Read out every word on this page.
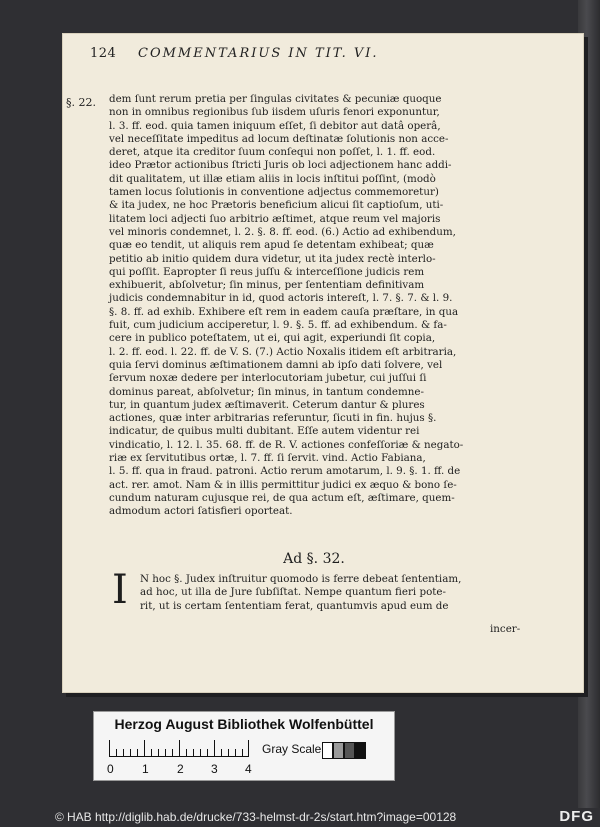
124 COMMENTARIUS IN TIT. VI.
§. 22. dem ſunt rerum pretia per ſingulas civitates & pecuniæ quoque

non in omnibus regionibus ſub iisdem uſuris fenori exponuntur,

l. 3. ff. eod. quia tamen iniquum eſſet, ſi debitor aut datâ operâ,

vel neceſſitate impeditus ad locum deſtinatæ ſolutionis non acce-

deret, atque ita creditor ſuum conſequi non poſſet, l. 1. ff. eod.

ideo Prætor actionibus ſtricti Juris ob loci adjectionem hanc addi-

dit qualitatem, ut illæ etiam aliis in locis inſtitui poſſint, (modò

tamen locus ſolutionis in conventione adjectus commemoretur)

& ita judex, ne hoc Prætoris beneficium alicui ſit captioſum, uti-

litatem loci adjecti ſuo arbitrio æſtimet, atque reum vel majoris

vel minoris condemnet, l. 2. §. 8. ff. eod. (6.) Actio ad exhibendum,

quæ eo tendit, ut aliquis rem apud ſe detentam exhibeat; quæ

petitio ab initio quidem dura videtur, ut ita judex rectè interlo-

qui poſſit. Eapropter ſi reus juſſu & interceſſione judicis rem

exhibuerit, abſolvetur; ſin minus, per ſententiam definitivam

judicis condemnabitur in id, quod actoris intereſt, l. 7. §. 7. & l. 9.

§. 8. ff. ad exhib. Exhibere eſt rem in eadem cauſa præſtare, in qua

fuit, cum judicium acciperetur, l. 9. §. 5. ff. ad exhibendum. & fa-

cere in publico poteſtatem, ut ei, qui agit, experiundi ſit copia,

l. 2. ff. eod. l. 22. ff. de V. S. (7.) Actio Noxalis itidem eſt arbitraria,

quia ſervi dominus æſtimationem damni ab ipſo dati ſolvere, vel

ſervum noxæ dedere per interlocutoriam jubetur, cui juſſui ſi

dominus pareat, abſolvetur; ſin minus, in tantum condemne-

tur, in quantum judex æſtimaverit. Ceterum dantur & plures

actiones, quæ inter arbitrarias referuntur, ſicuti in fin. hujus §.

indicatur, de quibus multi dubitant. Eſſe autem videntur rei

vindicatio, l. 12. l. 35. 68. ff. de R. V. actiones confeſſoriæ & negato-

riæ ex ſervitutibus ortæ, l. 7. ff. ſi ſervit. vind. Actio Fabiana,

l. 5. ff. qua in fraud. patroni. Actio rerum amotarum, l. 9. §. 1. ff. de

act. rer. amot. Nam & in illis permittitur judici ex æquo & bono ſe-

cundum naturam cujusque rei, de qua actum eſt, æſtimare, quem-

admodum actori ſatisfieri oporteat.

Ad §. 32.
I N hoc §. Judex inſtruitur quomodo is ferre debeat ſententiam,

ad hoc, ut illa de Jure ſubſiſtat. Nempe quantum fieri pote-

rit, ut is certam ſententiam ferat, quantumvis apud eum de

incer-
Herzog August Bibliothek Wolfenbüttel
0 1 2 3 4
Gray Scale
© HAB http://diglib.hab.de/drucke/733-helmst-dr-2s/start.htm?image=00128	DFG
